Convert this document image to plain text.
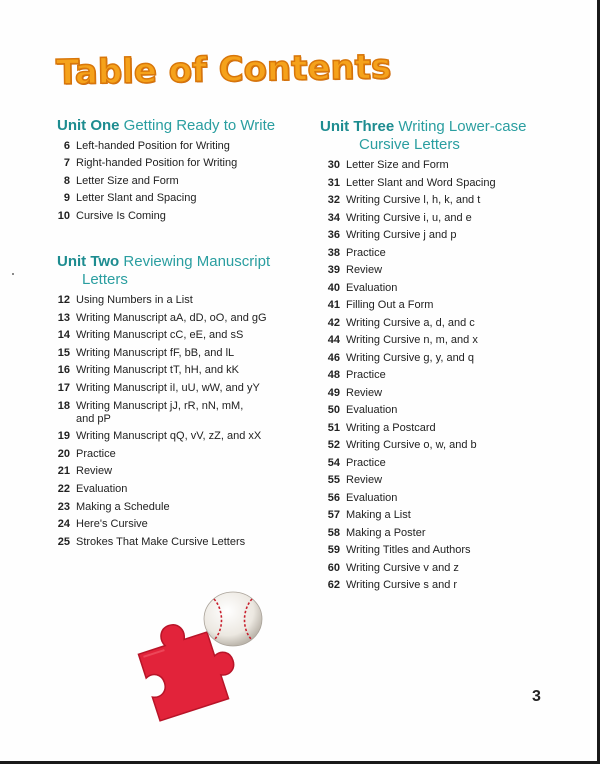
Table of Contents
Unit One Getting Ready to Write
6 Left-handed Position for Writing
7 Right-handed Position for Writing
8 Letter Size and Form
9 Letter Slant and Spacing
10 Cursive Is Coming
Unit Two Reviewing Manuscript
Letters
12 Using Numbers in a List
13 Writing Manuscript aA, dD, oO, and gG
14 Writing Manuscript cC, eE, and sS
15 Writing Manuscript fF, bB, and lL
16 Writing Manuscript tT, hH, and kK
17 Writing Manuscript iI, uU, wW, and yY
18 Writing Manuscript jJ, rR, nN, mM,
and pP
19 Writing Manuscript qQ, vV, zZ, and xX
20 Practice
21 Review
22 Evaluation
23 Making a Schedule
24 Here's Cursive
25 Strokes That Make Cursive Letters
Unit Three Writing Lower-case
Cursive Letters
30 Letter Size and Form
31 Letter Slant and Word Spacing
32 Writing Cursive l, h, k, and t
34 Writing Cursive i, u, and e
36 Writing Cursive j and p
38 Practice
39 Review
40 Evaluation
41 Filling Out a Form
42 Writing Cursive a, d, and c
44 Writing Cursive n, m, and x
46 Writing Cursive g, y, and q
48 Practice
49 Review
50 Evaluation
51 Writing a Postcard
52 Writing Cursive o, w, and b
54 Practice
55 Review
56 Evaluation
57 Making a List
58 Making a Poster
59 Writing Titles and Authors
60 Writing Cursive v and z
62 Writing Cursive s and r
3
